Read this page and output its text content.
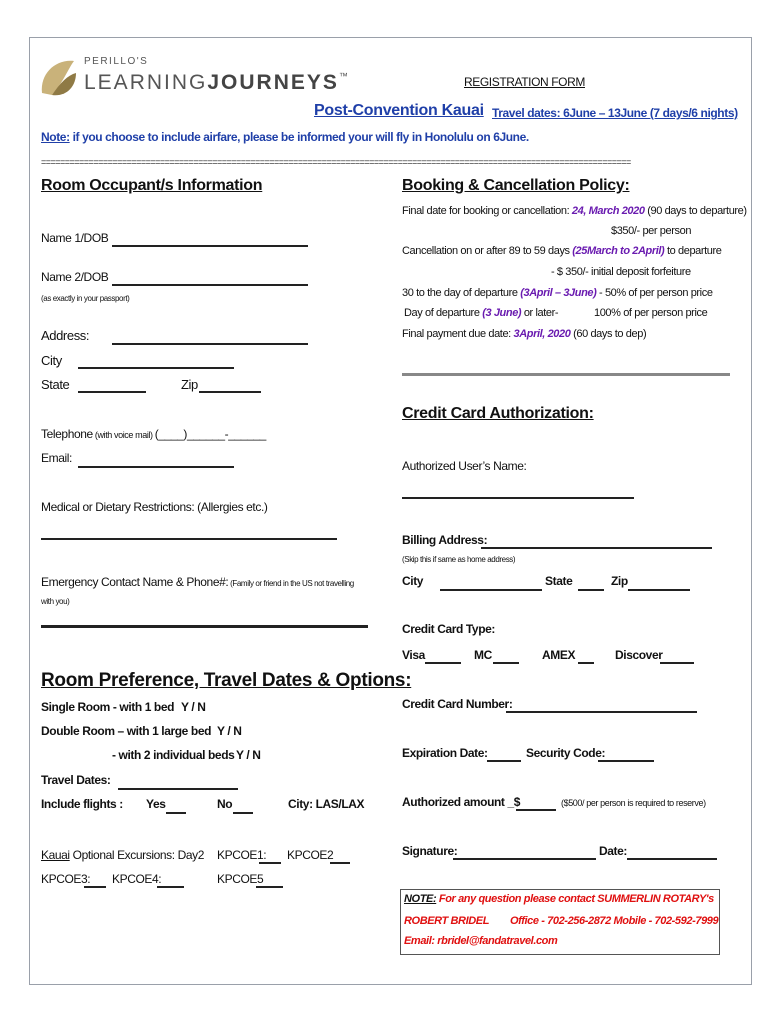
PERILLO'S
LEARNINGJOURNEYS™	REGISTRATION FORM
Post-Convention Kauai Travel dates: 6June – 13June (7 days/6 nights)
Note: if you choose to include airfare, please be informed your will fly in Honolulu on 6June.
============================================================================================================================
Room Occupant/s Information
Name 1/DOB
Name 2/DOB
(as exactly in your passport)
Address:
City
State	Zip
Telephone (with voice mail) (____)______-______
Email:
Medical or Dietary Restrictions: (Allergies etc.)
Emergency Contact Name & Phone#: (Family or friend in the US not travelling
with you)
Room Preference, Travel Dates & Options:
Single Room - with 1 bed Y / N
Double Room – with 1 large bed Y / N
- with 2 individual beds Y / N
Travel Dates:
Include flights : Yes	No	City: LAS/LAX
Kauai Optional Excursions: Day2 KPCOE1: KPCOE2
KPCOE3: KPCOE4:	KPCOE5
Booking & Cancellation Policy:
Final date for booking or cancellation: 24, March 2020 (90 days to departure)
$350/- per person
Cancellation on or after 89 to 59 days (25March to 2April) to departure
- $ 350/- initial deposit forfeiture
30 to the day of departure (3April – 3June) - 50% of per person price
Day of departure (3 June) or later-	100% of per person price
Final payment due date: 3April, 2020 (60 days to dep)
Credit Card Authorization:
Authorized User’s Name:
Billing Address:
(Skip this if same as home address)
City	State	Zip
Credit Card Type:
Visa	MC	AMEX	Discover
Credit Card Number:
Expiration Date:	Security Code:
Authorized amount _$	($500/ per person is required to reserve)
Signature:	Date:
NOTE: For any question please contact SUMMERLIN ROTARY's
ROBERT BRIDEL Office - 702-256-2872 Mobile - 702-592-7999
Email: rbridel@fandatravel.com
